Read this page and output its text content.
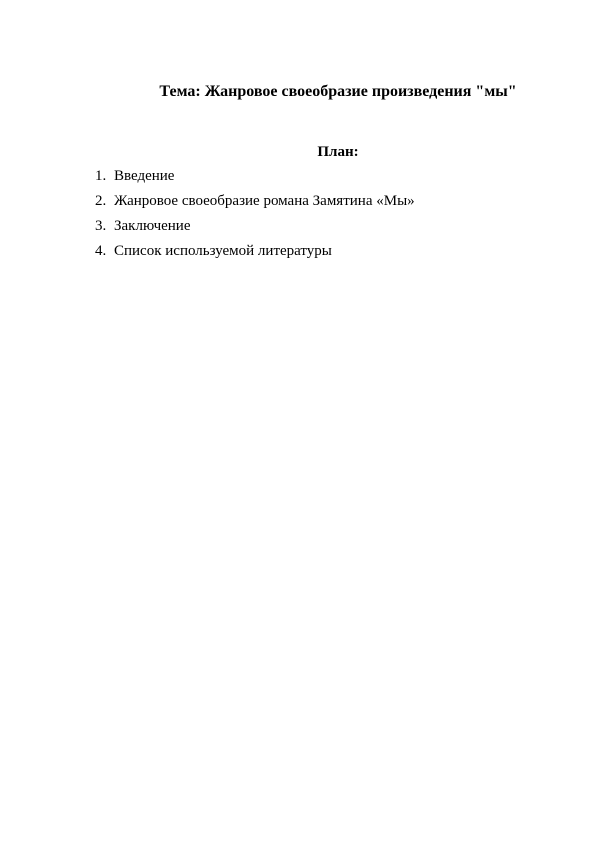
Тема: Жанровое своеобразие произведения "мы"
План:
1. Введение
2. Жанровое своеобразие романа Замятина «Мы»
3. Заключение
4. Список используемой литературы
